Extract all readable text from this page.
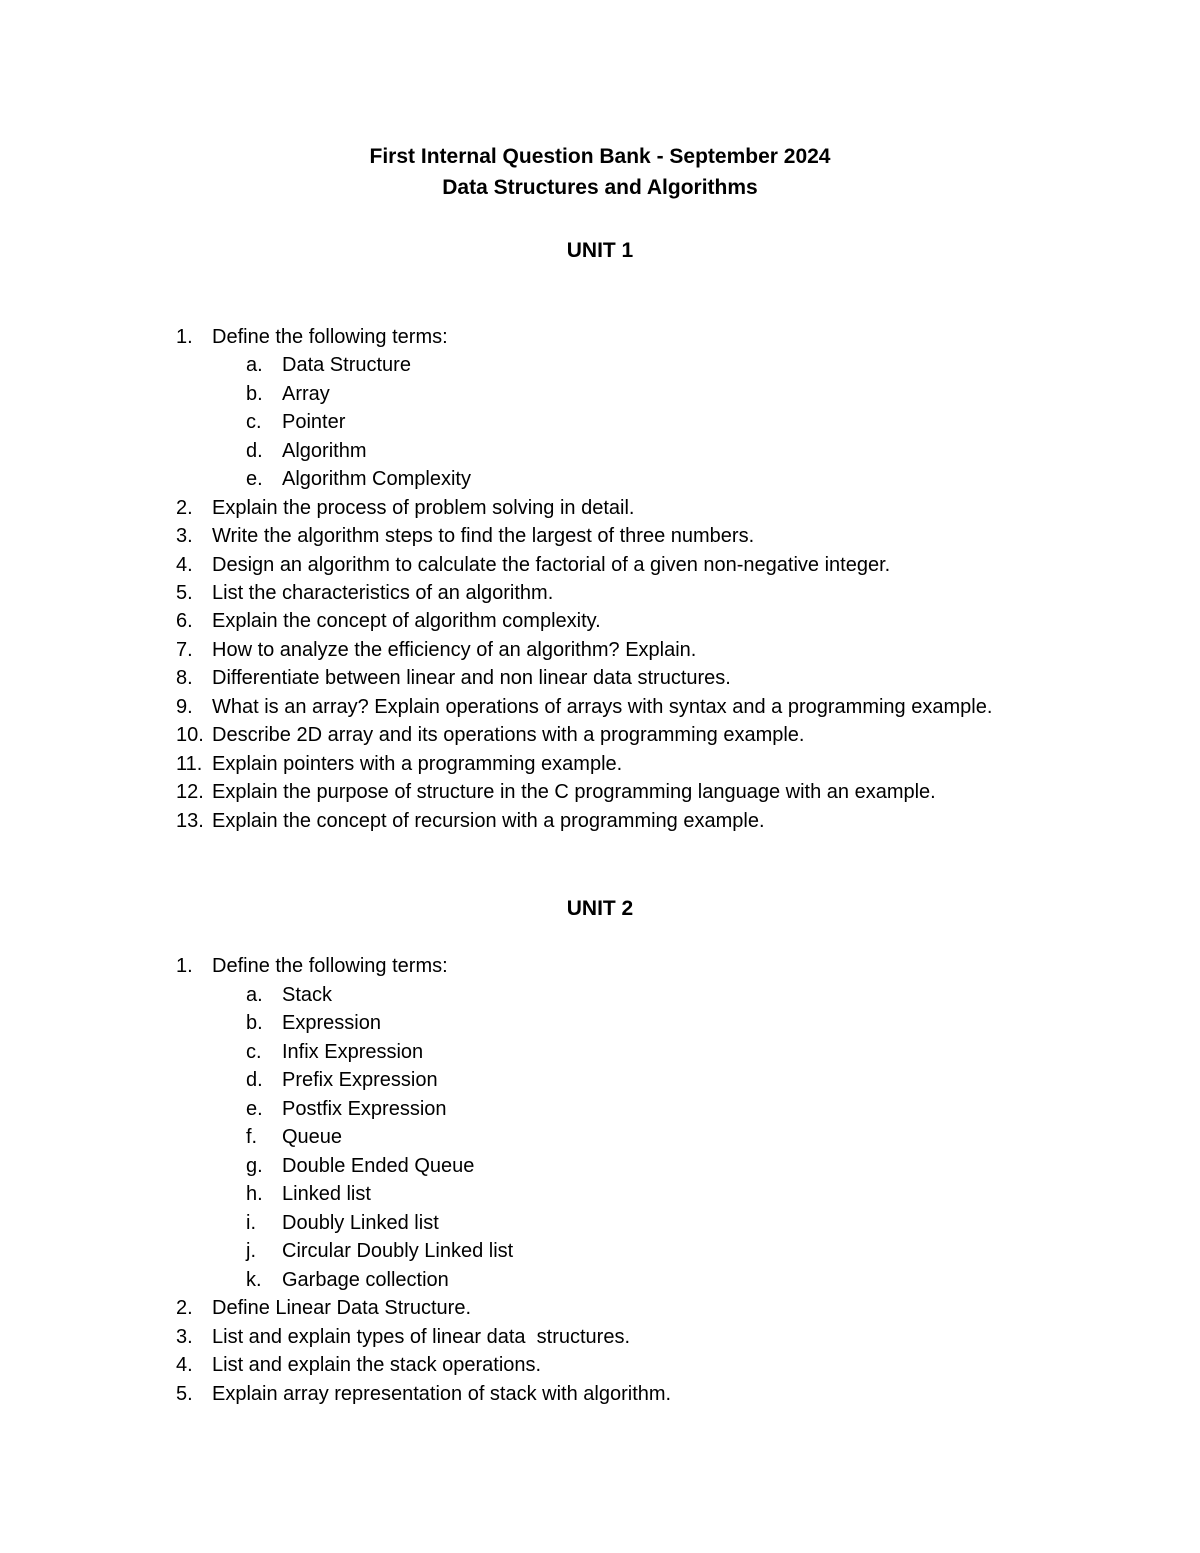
First Internal Question Bank - September 2024
Data Structures and Algorithms
UNIT 1
1. Define the following terms:
a. Data Structure
b. Array
c.	Pointer
d. Algorithm
e. Algorithm Complexity
2. Explain the process of problem solving in detail.
3. Write the algorithm steps to find the largest of three numbers.
4. Design an algorithm to calculate the factorial of a given non-negative integer.
5. List the characteristics of an algorithm.
6. Explain the concept of algorithm complexity.
7. How to analyze the efficiency of an algorithm? Explain.
8. Differentiate between linear and non linear data structures.
9. What is an array? Explain operations of arrays with syntax and a programming example.
10. Describe 2D array and its operations with a programming example.
11. Explain pointers with a programming example.
12. Explain the purpose of structure in the C programming language with an example.
13. Explain the concept of recursion with a programming example.
UNIT 2
1. Define the following terms:
a. Stack
b. Expression
c.	Infix Expression
d. Prefix Expression
e. Postfix Expression
f.	Queue
g. Double Ended Queue
h. Linked list
i.	Doubly Linked list
j.	Circular Doubly Linked list
k.	Garbage collection
2. Define Linear Data Structure.
3. List and explain types of linear data  structures.
4. List and explain the stack operations.
5. Explain array representation of stack with algorithm.
